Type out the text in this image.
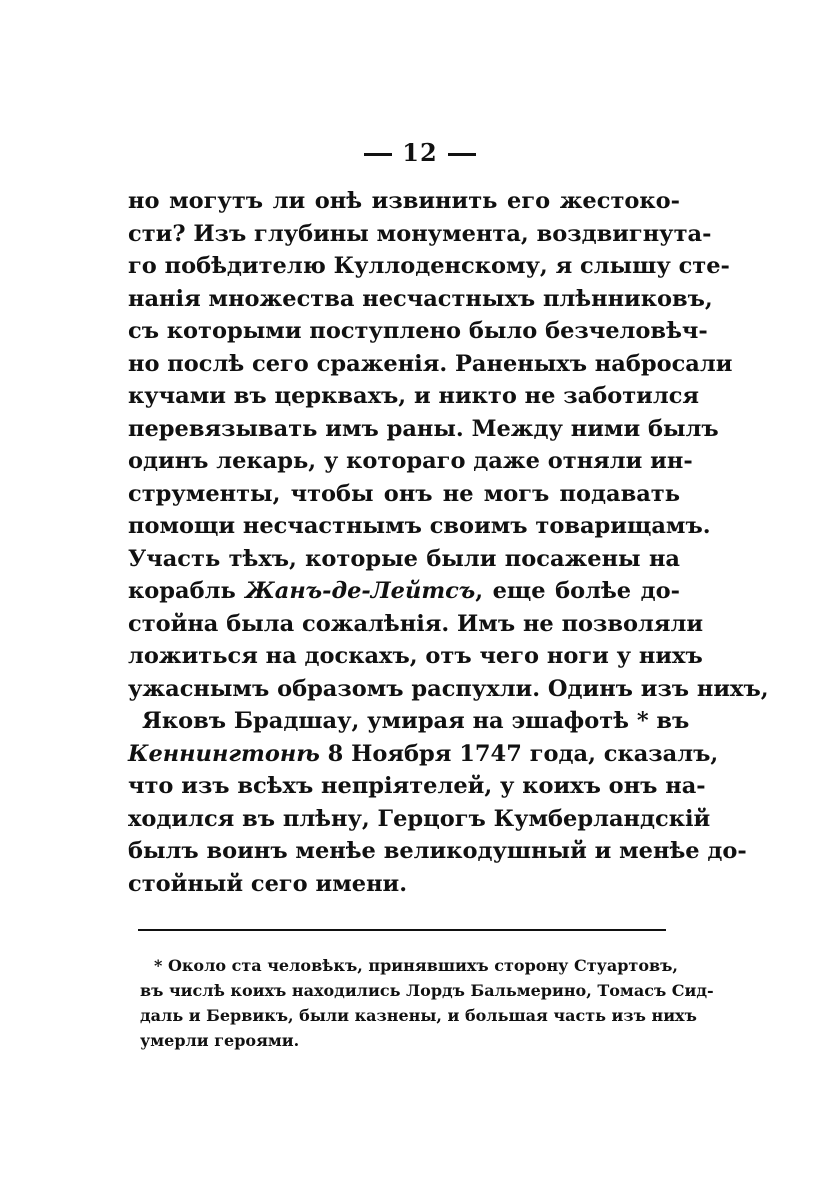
12
но могутъ ли онѣ извинить его жестоко-
сти? Изъ глубины монумента, воздвигнута-
го побѣдителю Куллоденскому, я слышу сте-
нанія множества несчастныхъ плѣнниковъ,
съ которыми поступлено было безчеловѣч-
но послѣ сего сраженія. Раненыхъ набросали
кучами въ церквахъ, и никто не заботился
перевязывать имъ раны. Между ними былъ
одинъ лекарь, у котораго даже отняли ин-
струменты, чтобы онъ не могъ подавать
помощи несчастнымъ своимъ товарищамъ.
Участь тѣхъ, которые были посажены на
корабль Жанъ-де-Лейтсъ, еще болѣе до-
стойна была сожалѣнія. Имъ не позволяли
ложиться на доскахъ, отъ чего ноги у нихъ
ужаснымъ образомъ распухли. Одинъ изъ нихъ,
Яковъ Брадшау, умирая на эшафотѣ * въ
Кеннингтонѣ 8 Ноября 1747 года, сказалъ,
что изъ всѣхъ непріятелей, у коихъ онъ на-
ходился въ плѣну, Герцогъ Кумберландскій
былъ воинъ менѣе великодушный и менѣе до-
стойный сего имени.
* Около ста человѣкъ, принявшихъ сторону Стуартовъ,
въ числѣ коихъ находились Лордъ Бальмерино, Томасъ Сид-
даль и Бервикъ, были казнены, и большая часть изъ нихъ
умерли героями.
